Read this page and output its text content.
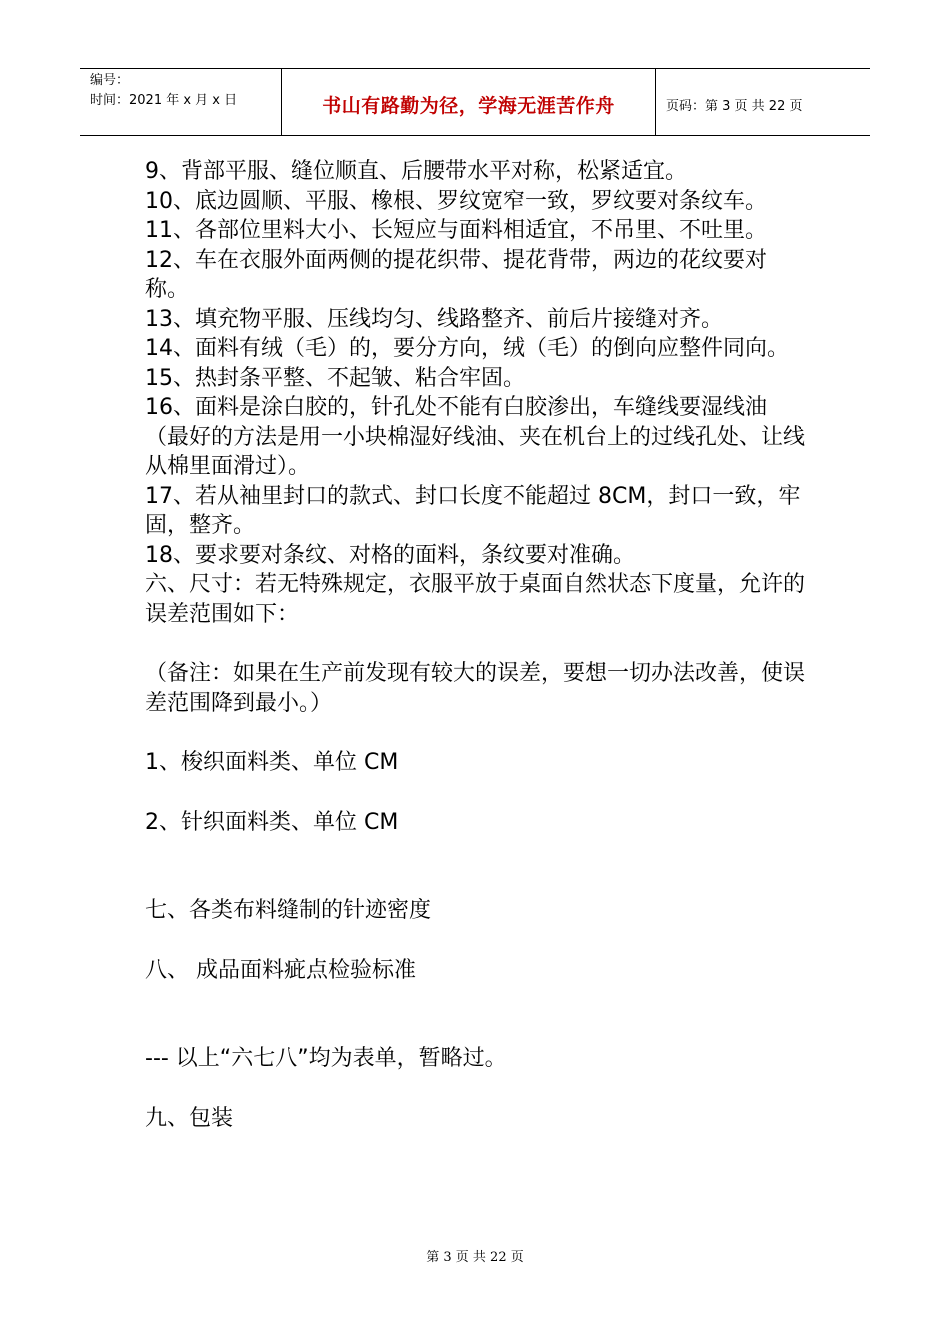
编号：
时间：2021 年 x 月 x 日	书山有路勤为径，学海无涯苦作舟	页码：第 3 页 共 22 页

9、背部平服、缝位顺直、后腰带水平对称，松紧适宜。

10、底边圆顺、平服、橡根、罗纹宽窄一致，罗纹要对条纹车。

11、各部位里料大小、长短应与面料相适宜，不吊里、不吐里。

12、车在衣服外面两侧的提花织带、提花背带，两边的花纹要对称。

13、填充物平服、压线均匀、线路整齐、前后片接缝对齐。

14、面料有绒（毛）的，要分方向，绒（毛）的倒向应整件同向。

15、热封条平整、不起皱、粘合牢固。

16、面料是涂白胶的，针孔处不能有白胶渗出，车缝线要湿线油（最好的方法是用一小块棉湿好线油、夹在机台上的过线孔处、让线从棉里面滑过）。

17、若从袖里封口的款式、封口长度不能超过 8CM，封口一致，牢固，整齐。

18、要求要对条纹、对格的面料，条纹要对准确。

六、尺寸：若无特殊规定，衣服平放于桌面自然状态下度量，允许的误差范围如下：

（备注：如果在生产前发现有较大的误差，要想一切办法改善，使误差范围降到最小。）

1、梭织面料类、单位 CM

2、针织面料类、单位 CM

七、各类布料缝制的针迹密度

八、 成品面料疵点检验标准

--- 以上“六七八”均为表单，暂略过。

九、包装

第 3 页 共 22 页
